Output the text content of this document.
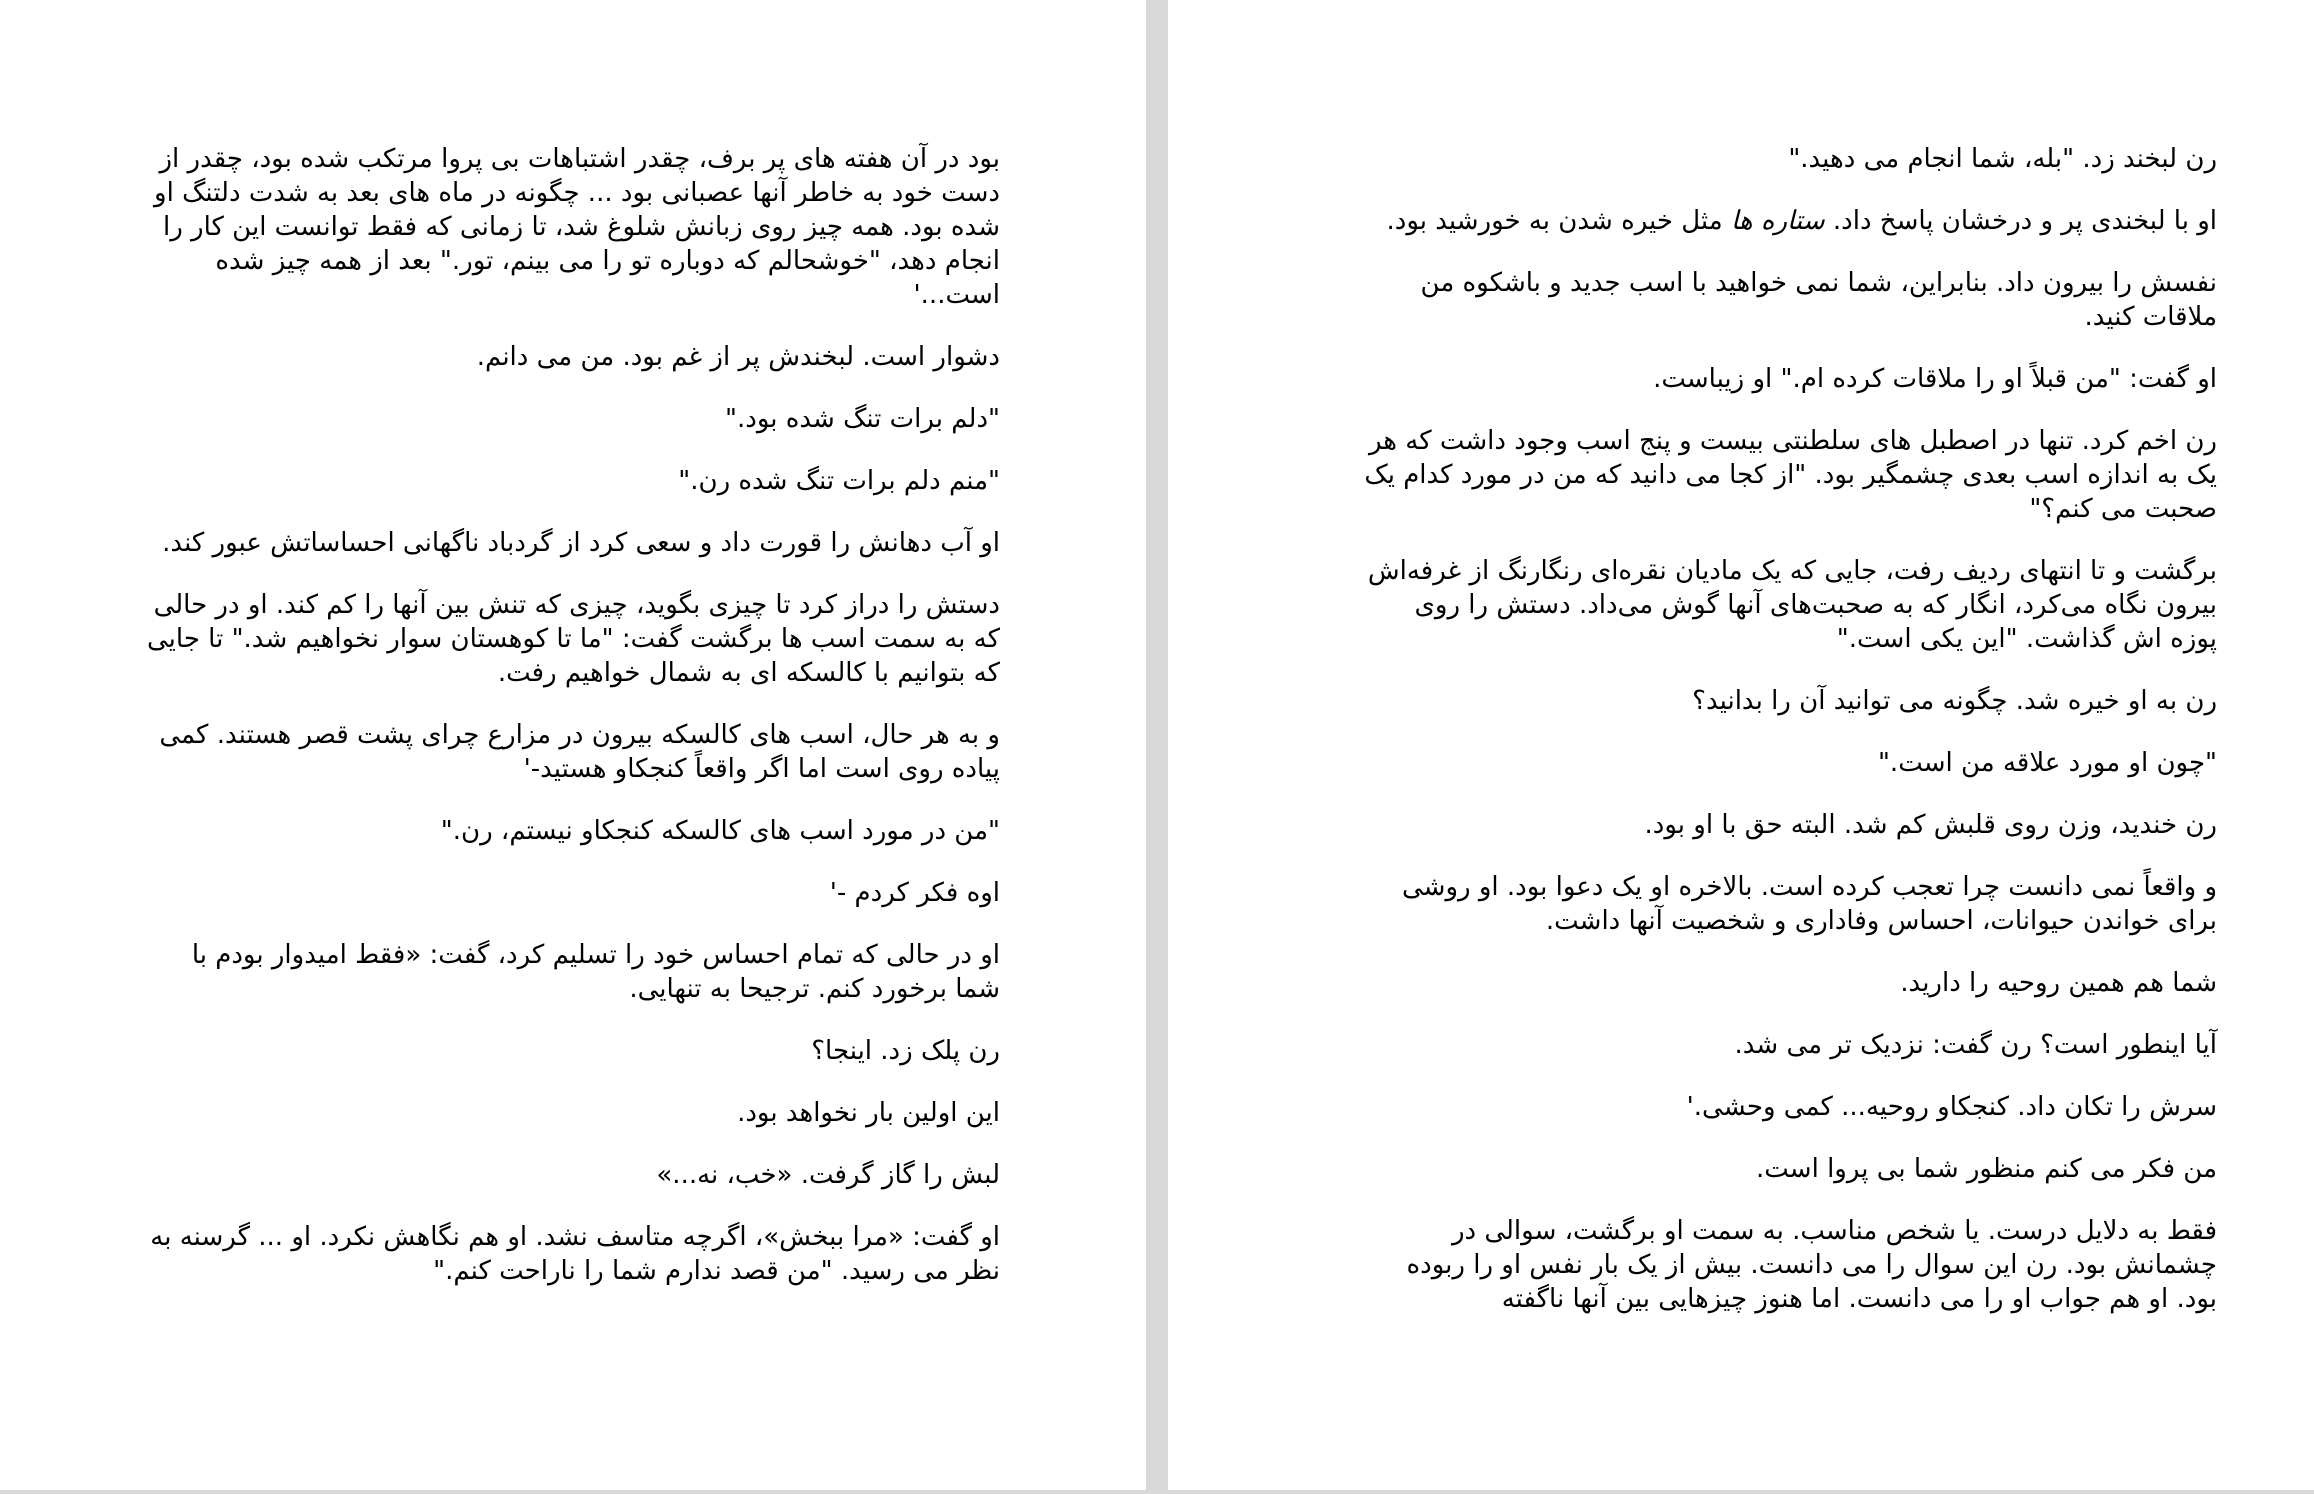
بود در آن هفته های پر برف، چقدر اشتباهات بی پروا مرتکب شده بود، چقدر از دست خود به خاطر آنها عصبانی بود ... چگونه در ماه های بعد به شدت دلتنگ او شده بود. همه چیز روی زبانش شلوغ شد، تا زمانی که فقط توانست این کار را انجام دهد، "خوشحالم که دوباره تو را می بینم، تور." بعد از همه چیز شده است...'

دشوار است. لبخندش پر از غم بود. من می دانم.

"دلم برات تنگ شده بود."

"منم دلم برات تنگ شده رن."

او آب دهانش را قورت داد و سعی کرد از گردباد ناگهانی احساساتش عبور کند.

دستش را دراز کرد تا چیزی بگوید، چیزی که تنش بین آنها را کم کند. او در حالی که به سمت اسب ها برگشت گفت: "ما تا کوهستان سوار نخواهیم شد." تا جایی که بتوانیم با کالسکه ای به شمال خواهیم رفت.

و به هر حال، اسب های کالسکه بیرون در مزارع چرای پشت قصر هستند. کمی پیاده روی است اما اگر واقعاً کنجکاو هستید-'

"من در مورد اسب های کالسکه کنجکاو نیستم، رن."

اوه فکر کردم -'

او در حالی که تمام احساس خود را تسلیم کرد، گفت: «فقط امیدوار بودم با شما برخورد کنم. ترجیحا به تنهایی.

رن پلک زد. اینجا؟

این اولین بار نخواهد بود.

لبش را گاز گرفت. «خب، نه...»

او گفت: «مرا ببخش»، اگرچه متاسف نشد. او هم نگاهش نکرد. او ... گرسنه به نظر می رسید. "من قصد ندارم شما را ناراحت کنم."

رن لبخند زد. "بله، شما انجام می دهید."

او با لبخندی پر و درخشان پاسخ داد. ستاره ها مثل خیره شدن به خورشید بود.

نفسش را بیرون داد. بنابراین، شما نمی خواهید با اسب جدید و باشکوه من ملاقات کنید.

او گفت: "من قبلاً او را ملاقات کرده ام." او زیباست.

رن اخم کرد. تنها در اصطبل های سلطنتی بیست و پنج اسب وجود داشت که هر یک به اندازه اسب بعدی چشمگیر بود. "از کجا می دانید که من در مورد کدام یک صحبت می کنم؟"

برگشت و تا انتهای ردیف رفت، جایی که یک مادیان نقره‌ای رنگارنگ از غرفه‌اش بیرون نگاه می‌کرد، انگار که به صحبت‌های آنها گوش می‌داد. دستش را روی پوزه اش گذاشت. "این یکی است."

رن به او خیره شد. چگونه می توانید آن را بدانید؟

"چون او مورد علاقه من است."

رن خندید، وزن روی قلبش کم شد. البته حق با او بود.

و واقعاً نمی دانست چرا تعجب کرده است. بالاخره او یک دعوا بود. او روشی برای خواندن حیوانات، احساس وفاداری و شخصیت آنها داشت.

شما هم همین روحیه را دارید.

آیا اینطور است؟ رن گفت: نزدیک تر می شد.

سرش را تکان داد. کنجکاو روحیه... کمی وحشی.'

من فکر می کنم منظور شما بی پروا است.

فقط به دلایل درست. یا شخص مناسب. به سمت او برگشت، سوالی در چشمانش بود. رن این سوال را می دانست. بیش از یک بار نفس او را ربوده بود. او هم جواب او را می دانست. اما هنوز چیزهایی بین آنها ناگفته
